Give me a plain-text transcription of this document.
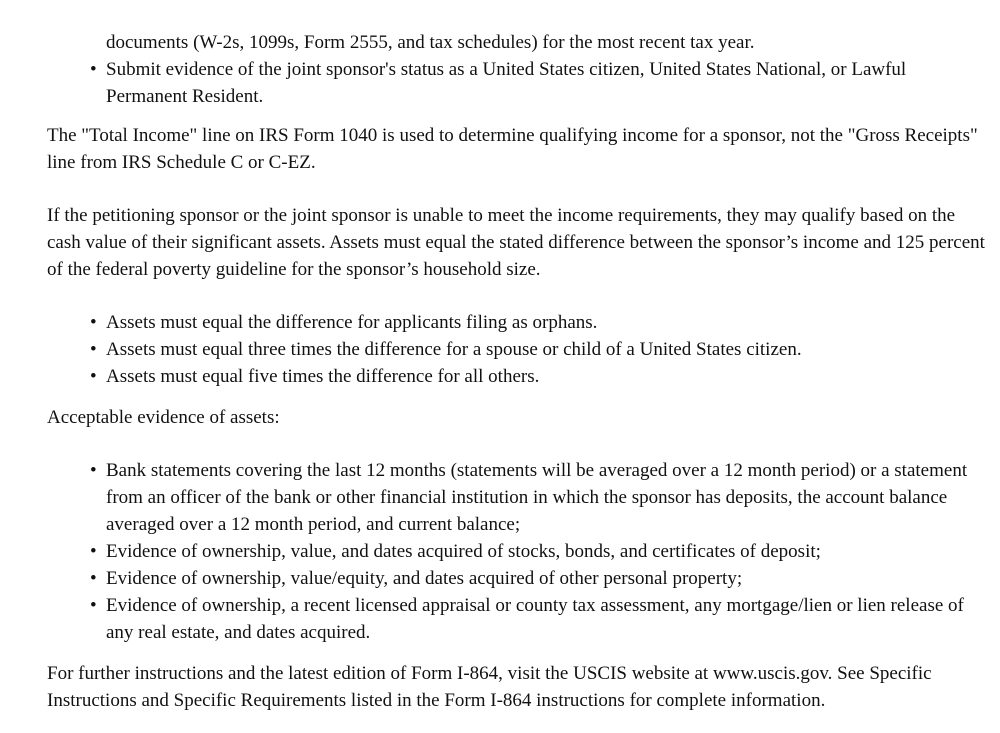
documents (W-2s, 1099s, Form 2555, and tax schedules) for the most recent tax year.

• Submit evidence of the joint sponsor's status as a United States citizen, United States National, or Lawful Permanent Resident.

The "Total Income" line on IRS Form 1040 is used to determine qualifying income for a sponsor, not the "Gross Receipts" line from IRS Schedule C or C-EZ.

If the petitioning sponsor or the joint sponsor is unable to meet the income requirements, they may qualify based on the cash value of their significant assets. Assets must equal the stated difference between the sponsor’s income and 125 percent of the federal poverty guideline for the sponsor’s household size.

• Assets must equal the difference for applicants filing as orphans.
• Assets must equal three times the difference for a spouse or child of a United States citizen.
• Assets must equal five times the difference for all others.

Acceptable evidence of assets:

• Bank statements covering the last 12 months (statements will be averaged over a 12 month period) or a statement from an officer of the bank or other financial institution in which the sponsor has deposits, the account balance averaged over a 12 month period, and current balance;
• Evidence of ownership, value, and dates acquired of stocks, bonds, and certificates of deposit;
• Evidence of ownership, value/equity, and dates acquired of other personal property;
• Evidence of ownership, a recent licensed appraisal or county tax assessment, any mortgage/lien or lien release of any real estate, and dates acquired.

For further instructions and the latest edition of Form I-864, visit the USCIS website at www.uscis.gov. See Specific Instructions and Specific Requirements listed in the Form I-864 instructions for complete information.
